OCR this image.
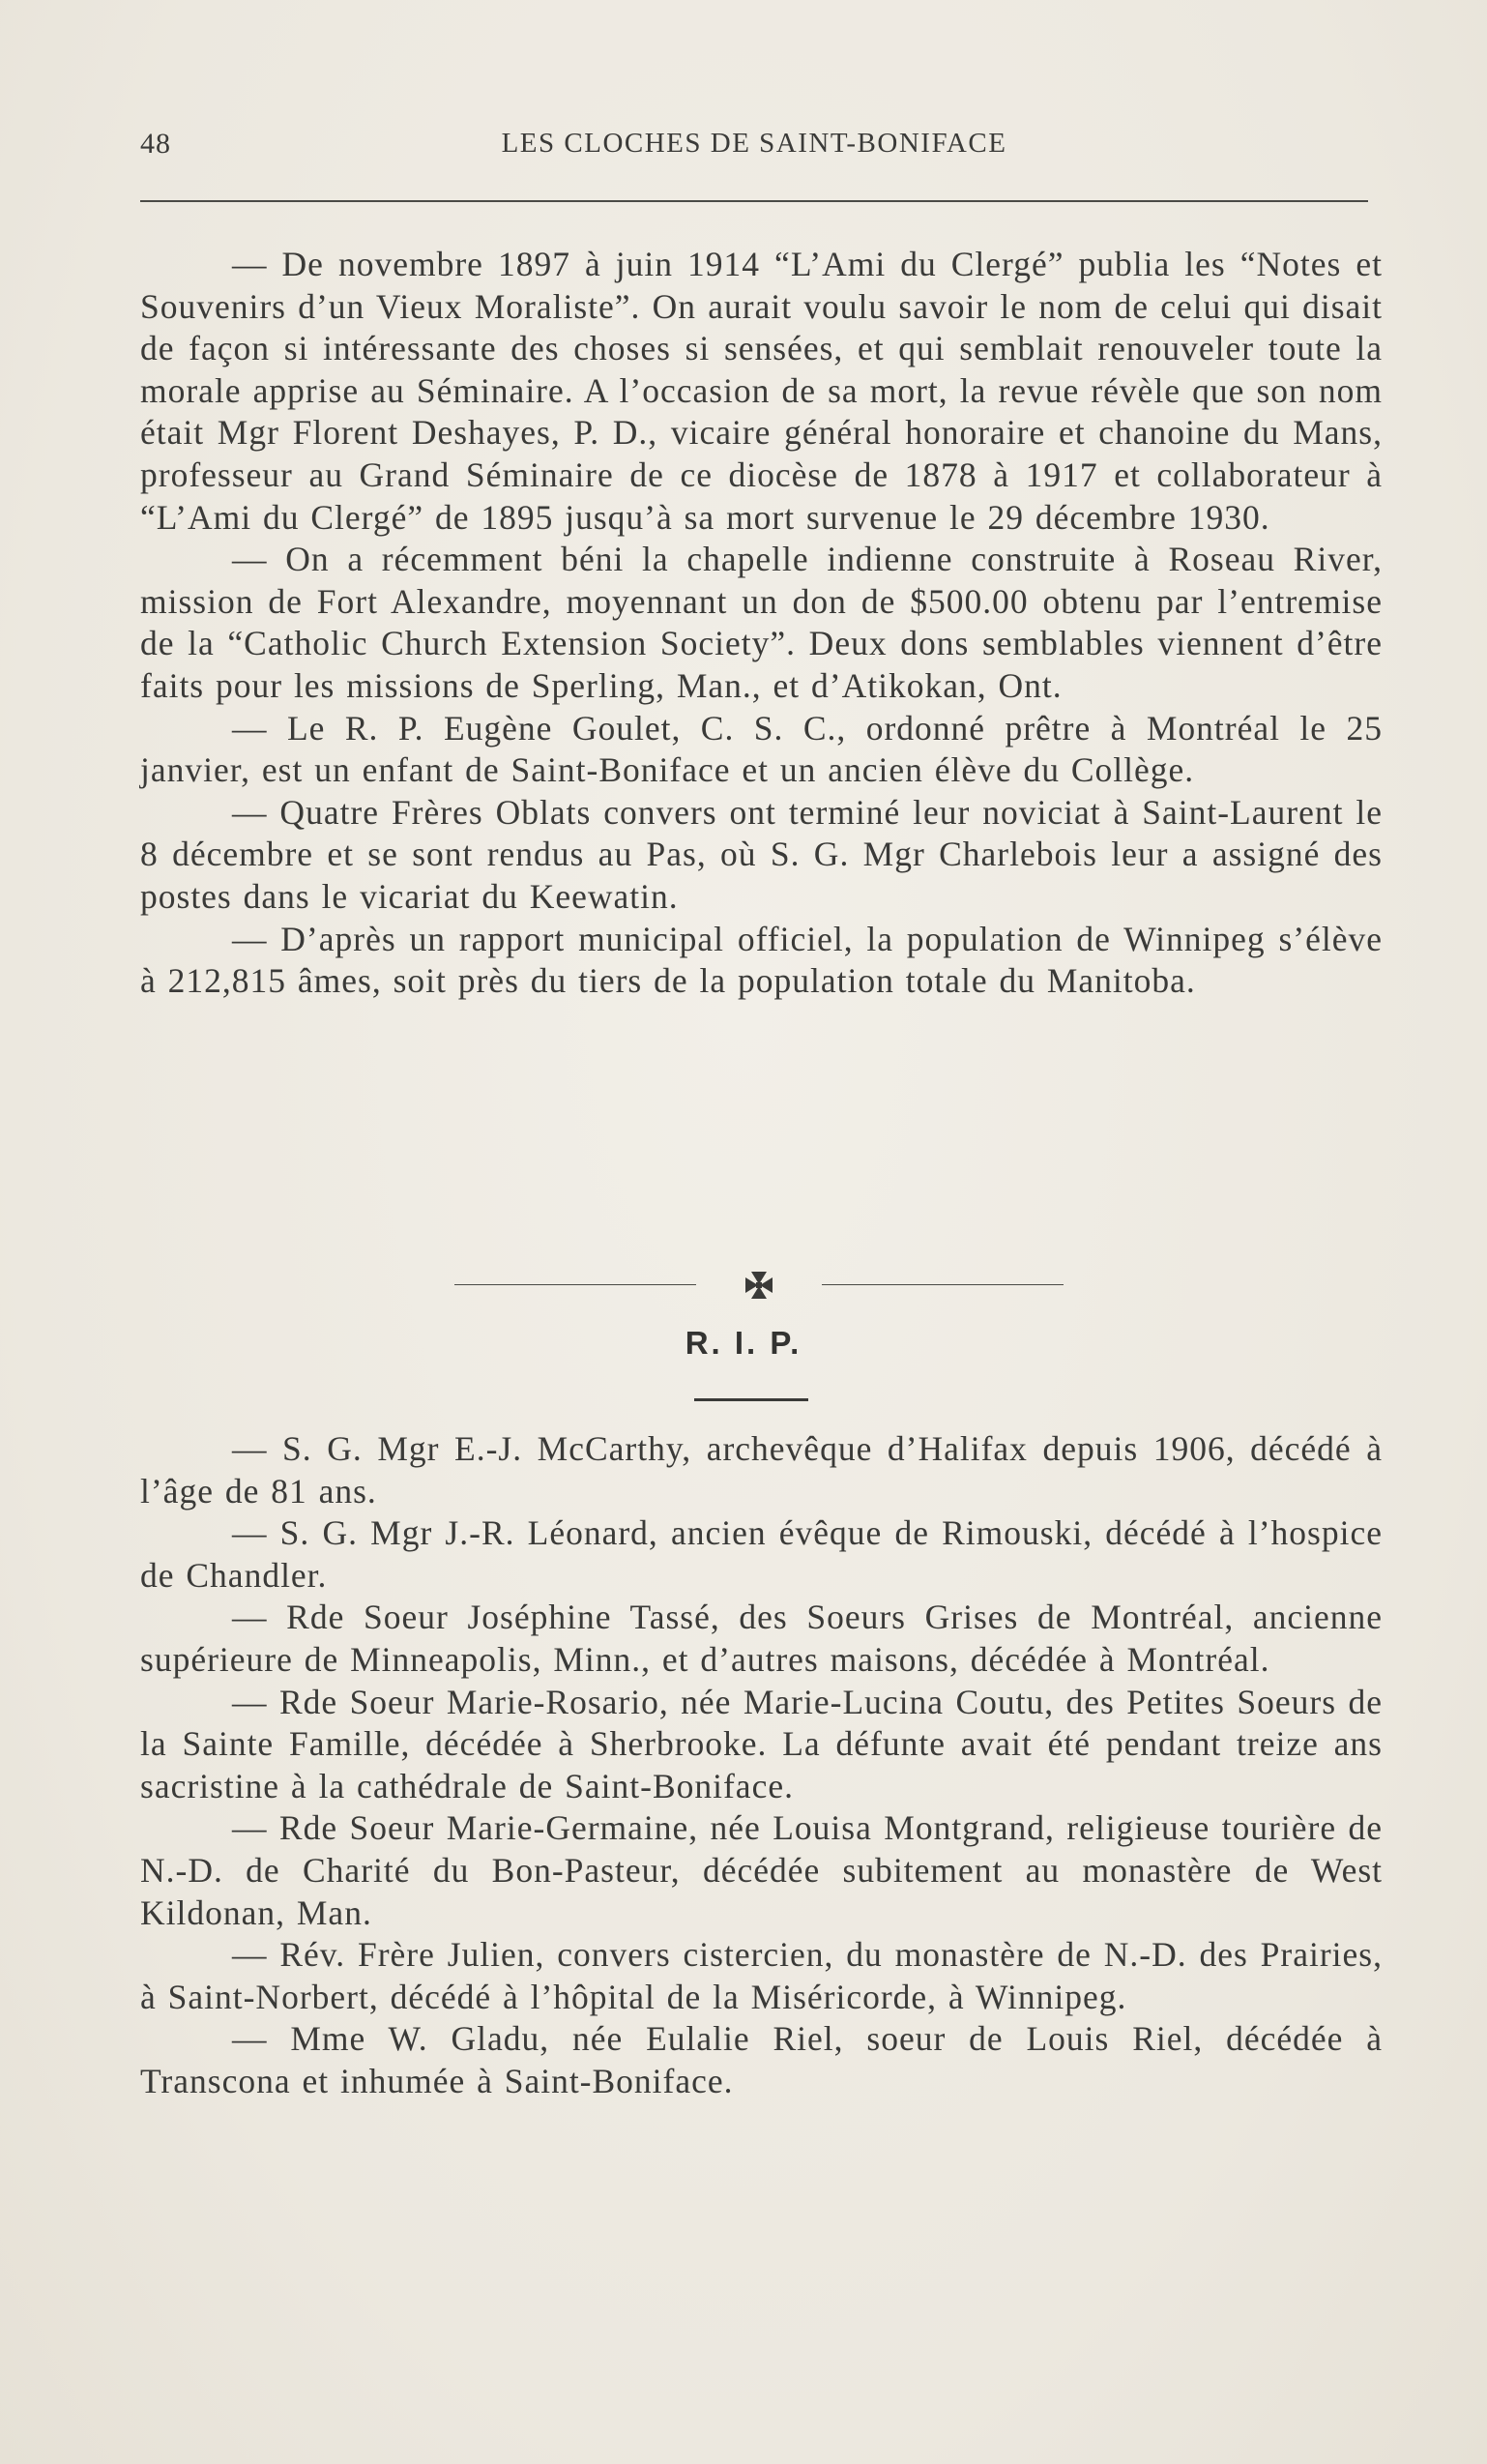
48	LES CLOCHES DE SAINT-BONIFACE

— De novembre 1897 à juin 1914 “L’Ami du Clergé” publia les “Notes et Souvenirs d’un Vieux Moraliste”. On aurait voulu savoir le nom de celui qui disait de façon si intéressante des choses si sensées, et qui semblait renouveler toute la morale apprise au Séminaire. A l’occasion de sa mort, la revue révèle que son nom était Mgr Florent Deshayes, P. D., vicaire général honoraire et chanoine du Mans, professeur au Grand Séminaire de ce diocèse de 1878 à 1917 et collaborateur à “L’Ami du Clergé” de 1895 jusqu’à sa mort survenue le 29 décembre 1930.

— On a récemment béni la chapelle indienne construite à Roseau River, mission de Fort Alexandre, moyennant un don de $500.00 obtenu par l’entremise de la “Catholic Church Extension Society”. Deux dons semblables viennent d’être faits pour les missions de Sperling, Man., et d’Atikokan, Ont.

— Le R. P. Eugène Goulet, C. S. C., ordonné prêtre à Montréal le 25 janvier, est un enfant de Saint-Boniface et un ancien élève du Collège.

— Quatre Frères Oblats convers ont terminé leur noviciat à Saint-Laurent le 8 décembre et se sont rendus au Pas, où S. G. Mgr Charlebois leur a assigné des postes dans le vicariat du Keewatin.

— D’après un rapport municipal officiel, la population de Winnipeg s’élève à 212,815 âmes, soit près du tiers de la population totale du Manitoba.

R. I. P.

— S. G. Mgr E.-J. McCarthy, archevêque d’Halifax depuis 1906, décédé à l’âge de 81 ans.

— S. G. Mgr J.-R. Léonard, ancien évêque de Rimouski, décédé à l’hospice de Chandler.

— Rde Soeur Joséphine Tassé, des Soeurs Grises de Montréal, ancienne supérieure de Minneapolis, Minn., et d’autres maisons, décédée à Montréal.

— Rde Soeur Marie-Rosario, née Marie-Lucina Coutu, des Petites Soeurs de la Sainte Famille, décédée à Sherbrooke. La défunte avait été pendant treize ans sacristine à la cathédrale de Saint-Boniface.

— Rde Soeur Marie-Germaine, née Louisa Montgrand, religieuse tourière de N.-D. de Charité du Bon-Pasteur, décédée subitement au monastère de West Kildonan, Man.

— Rév. Frère Julien, convers cistercien, du monastère de N.-D. des Prairies, à Saint-Norbert, décédé à l’hôpital de la Miséricorde, à Winnipeg.

— Mme W. Gladu, née Eulalie Riel, soeur de Louis Riel, décédée à Transcona et inhumée à Saint-Boniface.
